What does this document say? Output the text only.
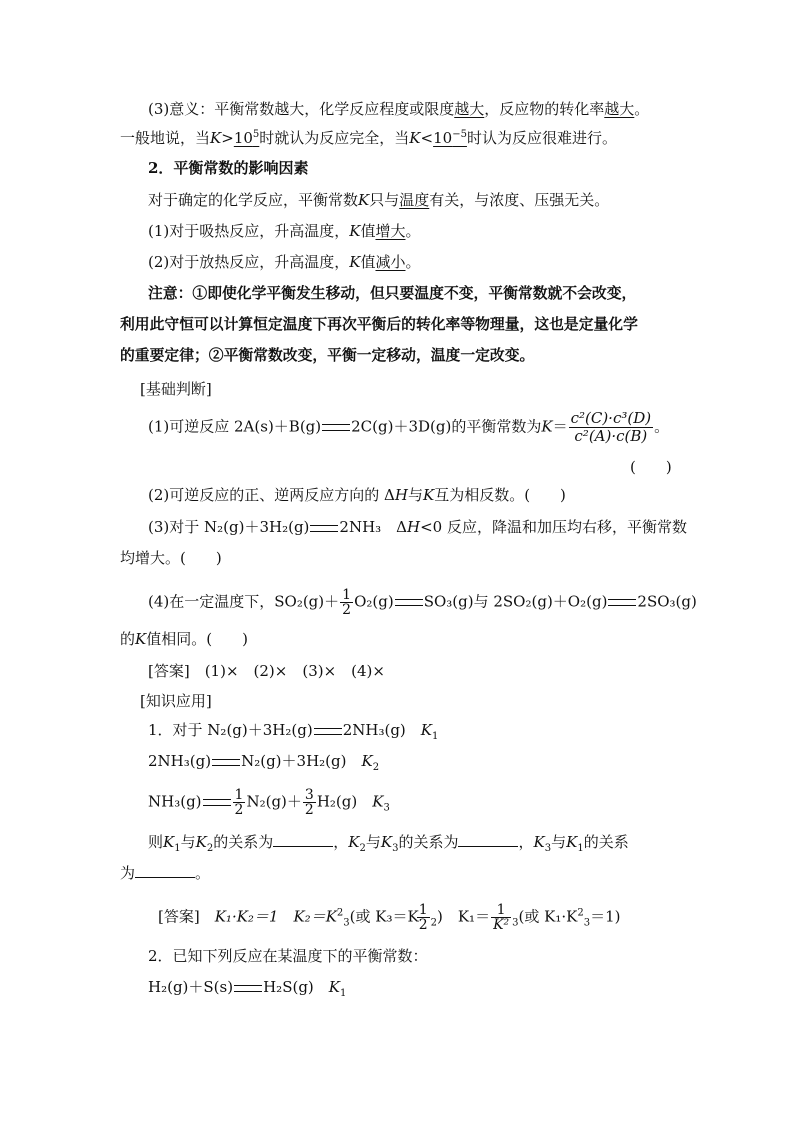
(3)意义：平衡常数越大，化学反应程度或限度越大，反应物的转化率越大。
一般地说，当$K>10^5$时就认为反应完全，当$K<10^{-5}$时认为反应很难进行。
2．平衡常数的影响因素
对于确定的化学反应，平衡常数K只与温度有关，与浓度、压强无关。
(1)对于吸热反应，升高温度，K值增大。
(2)对于放热反应，升高温度，K值减小。
注意：①即使化学平衡发生移动，但只要温度不变，平衡常数就不会改变，
利用此守恒可以计算恒定温度下再次平衡后的转化率等物理量，这也是定量化学
的重要定律；②平衡常数改变，平衡一定移动，温度一定改变。
[基础判断]
(1)可逆反应 2A(s)＋B(g) 2C(g)＋3D(g)的平衡常数为$K= \frac{\text{c²(C)·c³(D)}}{\text{c²(A)·c(B)}}$ 。
(　　)
(2)可逆反应的正、逆两反应方向的 ΔH与K互为相反数。(　　)
(3)对于 N₂(g)＋3H₂(g) 2NH₃　ΔH<0 反应，降温和加压均右移，平衡常数
均增大。(　　)
(4)在一定温度下，$SO_2(g)+ \frac{1}{2} O_2(g)$ SO₃(g)与 2SO₂(g)＋O₂(g) 2SO₃(g)
的K值相同。(　　)
[答案]　(1)×　(2)×　(3)×　(4)×
[知识应用]
1．对于 N₂(g)＋3H₂(g) 2NH₃(g)　$K_1$
2NH₃(g) N₂(g)＋3H₂(g)　$K_2$
$NH_3(g) \frac{1}{2} N_2(g)+ \frac{3}{2} H_2(g)$　$K_3$
则$K_1$与$K_2$的关系为	，$K_2$与$K_3$的关系为	，$K_3$与$K_1$的关系
为	。
[答案]　K₁·K₂＝1　$K_2=K^2_3$(或 K₃＝K
$\frac{1}{2} _2$)　$K_1= \frac{1}{\text{K²}} _3$(或 $K_1\cdot K^2_3=1$)
2．已知下列反应在某温度下的平衡常数：
H₂(g)＋S(s) H₂S(g)　$K_1$
